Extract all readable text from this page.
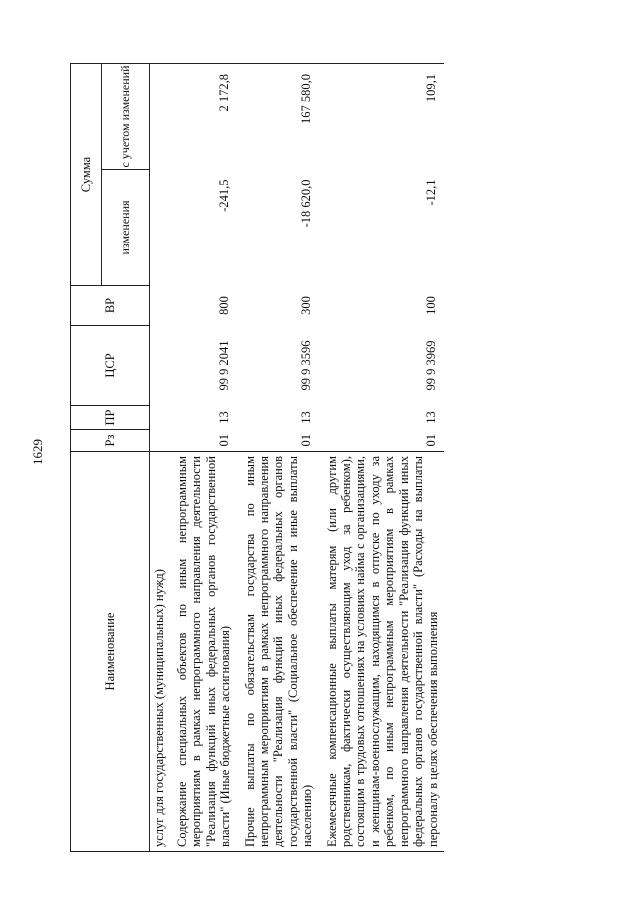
1629
Наименование	Рз	ПР	ЦСР	ВР	Сумма	
					изменения	с учетом изменений
услуг для государственных (муниципальных) нужд)						
Содержание специальных объектов по иным непрограммным мероприятиям в рамках непрограммного направления деятельности "Реализация функций иных федеральных органов государственной власти" (Иные бюджетные ассигнования)	01	13	99 9 2041	800	-241,5	2 172,8
Прочие выплаты по обязательствам государства по иным непрограммным мероприятиям в рамках непрограммного направления деятельности "Реализация функций иных федеральных органов государственной власти" (Социальное обеспечение и иные выплаты населению)	01	13	99 9 3596	300	-18 620,0	167 580,0
Ежемесячные компенсационные выплаты матерям (или другим родственникам, фактически осуществляющим уход за ребенком), состоящим в трудовых отношениях на условиях найма с организациями, и женщинам-военнослужащим, находящимся в отпуске по уходу за ребенком, по иным непрограммным мероприятиям в рамках непрограммного направления деятельности "Реализация функций иных федеральных органов государственной власти" (Расходы на выплаты персоналу в целях обеспечения выполнения	01	13	99 9 3969	100	-12,1	109,1
